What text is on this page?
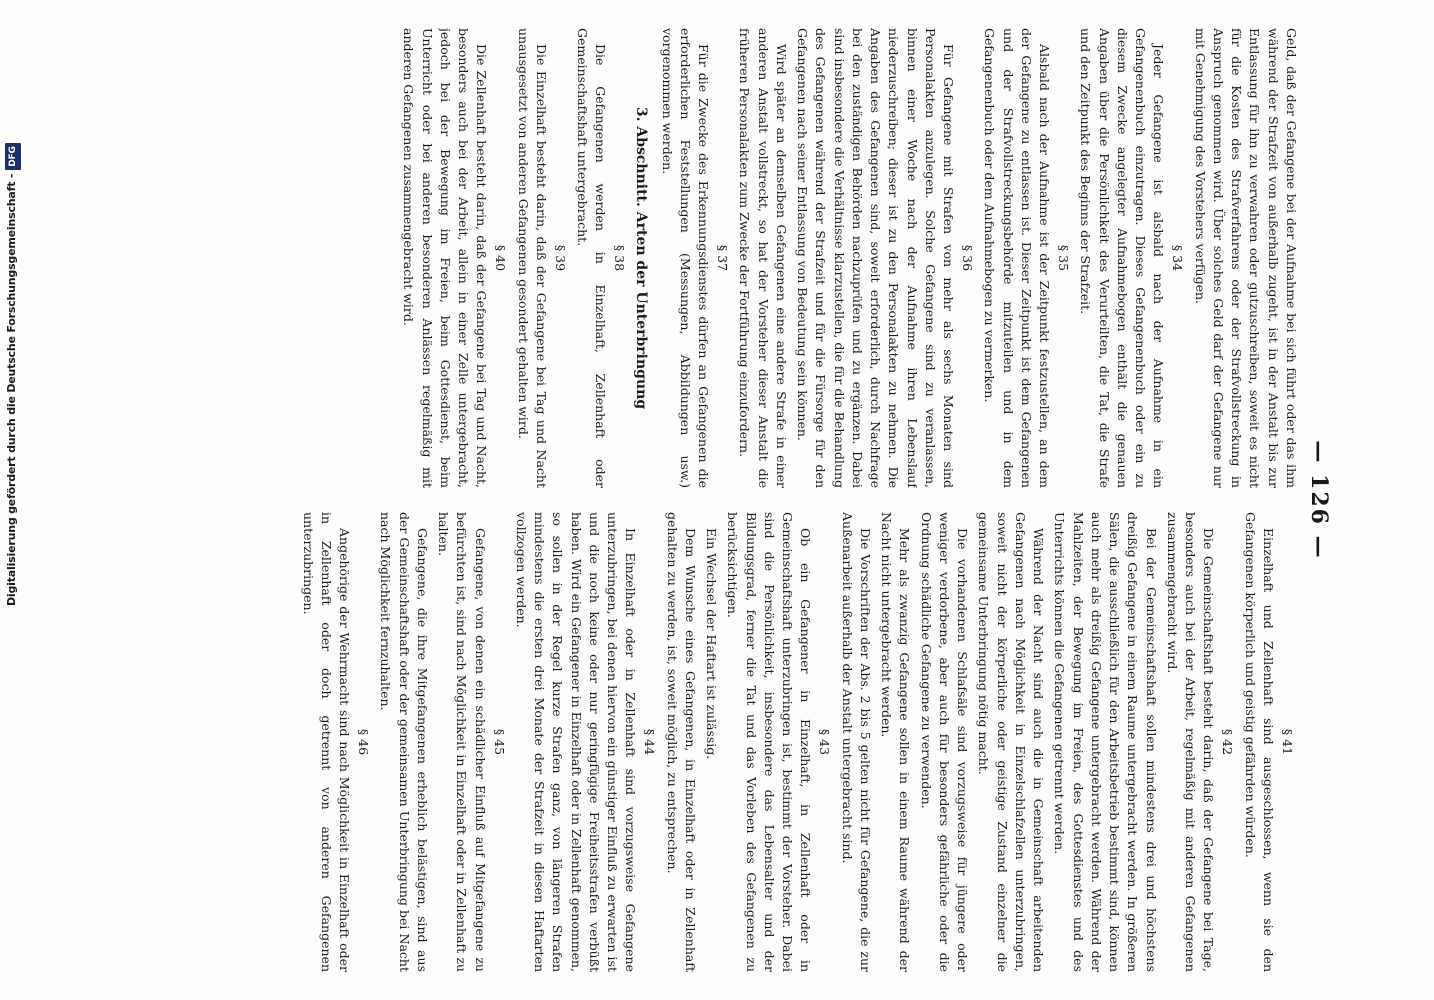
— 126 —

Geld, daß der Gefangene bei der Aufnahme bei sich führt oder das ihm während der Strafzeit von außerhalb zugeht, ist in der Anstalt bis zur Entlassung für ihn zu verwahren oder gutzuschreiben, soweit es nicht für die Kosten des Strafverfahrens oder der Strafvollstreckung in Anspruch genommen wird. Über solches Geld darf der Gefangene nur mit Genehmigung des Vorstehers verfügen.

§ 34

Jeder Gefangene ist alsbald nach der Aufnahme in ein Gefangenenbuch einzutragen. Dieses Gefangenenbuch oder ein zu diesem Zwecke angelegter Aufnahmebogen enthält die genauen Angaben über die Persönlichkeit des Verurteilten, die Tat, die Strafe und den Zeitpunkt des Beginns der Strafzeit.

§ 35

Alsbald nach der Aufnahme ist der Zeitpunkt festzustellen, an dem der Gefangene zu entlassen ist. Dieser Zeitpunkt ist dem Gefangenen und der Strafvollstreckungsbehörde mitzuteilen und in dem Gefangenenbuch oder dem Aufnahmebogen zu vermerken.

§ 36

Für Gefangene mit Strafen von mehr als sechs Monaten sind Personalakten anzulegen. Solche Gefangene sind zu veranlassen, binnen einer Woche nach der Aufnahme ihren Lebenslauf niederzuschreiben; dieser ist zu den Personalakten zu nehmen. Die Angaben des Gefangenen sind, soweit erforderlich, durch Nachfrage bei den zuständigen Behörden nachzuprüfen und zu ergänzen. Dabei sind insbesondere die Verhältnisse klarzustellen, die für die Behandlung des Gefangenen während der Strafzeit und für die Fürsorge für den Gefangenen nach seiner Entlassung von Bedeutung sein können.

Wird später an demselben Gefangenen eine andere Strafe in einer anderen Anstalt vollstreckt, so hat der Vorsteher dieser Anstalt die früheren Personalakten zum Zwecke der Fortführung einzufordern.

§ 37

Für die Zwecke des Erkennungsdienstes dürfen an Gefangenen die erforderlichen Feststellungen (Messungen, Abbildungen usw.) vorgenommen werden.

3. Abschnitt. Arten der Unterbringung
§ 38

Die Gefangenen werden in Einzelhaft, Zellenhaft oder Gemeinschaftshaft untergebracht.

§ 39

Die Einzelhaft besteht darin, daß der Gefangene bei Tag und Nacht unausgesetzt von anderen Gefangenen gesondert gehalten wird.

§ 40

Die Zellenhaft besteht darin, daß der Gefangene bei Tag und Nacht, besonders auch bei der Arbeit, allein in einer Zelle untergebracht, jedoch bei der Bewegung im Freien, beim Gottesdienst, beim Unterricht oder bei anderen besonderen Anlässen regelmäßig mit anderen Gefangenen zusammengebracht wird.

§ 41

Einzelhaft und Zellenhaft sind ausgeschlossen, wenn sie den Gefangenen körperlich und geistig gefährden würden.

§ 42

Die Gemeinschaftshaft besteht darin, daß der Gefangene bei Tage, besonders auch bei der Arbeit, regelmäßig mit anderen Gefangenen zusammengebracht wird.

Bei der Gemeinschaftshaft sollen mindestens drei und höchstens dreißig Gefangene in einem Raume untergebracht werden. In größeren Sälen, die ausschließlich für den Arbeitsbetrieb bestimmt sind, können auch mehr als dreißig Gefangene untergebracht werden. Während der Mahlzeiten, der Bewegung im Freien, des Gottesdienstes und des Unterrichts können die Gefangenen getrennt werden.

Während der Nacht sind auch die in Gemeinschaft arbeitenden Gefangenen nach Möglichkeit in Einzelschlafzellen unterzubringen, soweit nicht der körperliche oder geistige Zustand einzelner die gemeinsame Unterbringung nötig macht.

Die vorhandenen Schlafsäle sind vorzugsweise für jüngere oder weniger verdorbene, aber auch für besonders gefährliche oder die Ordnung schädliche Gefangene zu verwenden.

Mehr als zwanzig Gefangene sollen in einem Raume während der Nacht nicht untergebracht werden.

Die Vorschriften der Abs. 2 bis 5 gelten nicht für Gefangene, die zur Außenarbeit außerhalb der Anstalt untergebracht sind.

§ 43

Ob ein Gefangener in Einzelhaft, in Zellenhaft oder in Gemeinschaftshaft unterzubringen ist, bestimmt der Vorsteher. Dabei sind die Persönlichkeit, insbesondere das Lebensalter und der Bildungsgrad, ferner die Tat und das Vorleben des Gefangenen zu berücksichtigen.

Ein Wechsel der Haftart ist zulässig.

Dem Wunsche eines Gefangenen, in Einzelhaft oder in Zellenhaft gehalten zu werden, ist, soweit möglich, zu entsprechen.

§ 44

In Einzelhaft oder in Zellenhaft sind vorzugsweise Gefangene unterzubringen, bei denen hiervon ein günstiger Einfluß zu erwarten ist und die noch keine oder nur geringfügige Freiheitsstrafen verbüßt haben. Wird ein Gefangener in Einzelhaft oder in Zellenhaft genommen, so sollen in der Regel kurze Strafen ganz, von längeren Strafen mindestens die ersten drei Monate der Strafzeit in diesen Haftarten vollzogen werden.

§ 45

Gefangene, von denen ein schädlicher Einfluß auf Mitgefangene zu befürchten ist, sind nach Möglichkeit in Einzelhaft oder in Zellenhaft zu halten.

Gefangene, die ihre Mitgefangenen erheblich belästigen, sind aus der Gemeinschaftshaft oder der gemeinsamen Unterbringung bei Nacht nach Möglichkeit fernzuhalten.

§ 46

Angehörige der Wehrmacht sind nach Möglichkeit in Einzelhaft oder in Zellenhaft oder doch getrennt von anderen Gefangenen unterzubringen.

Digitalisierung gefördert durch die Deutsche Forschungsgemeinschaft -DFG
